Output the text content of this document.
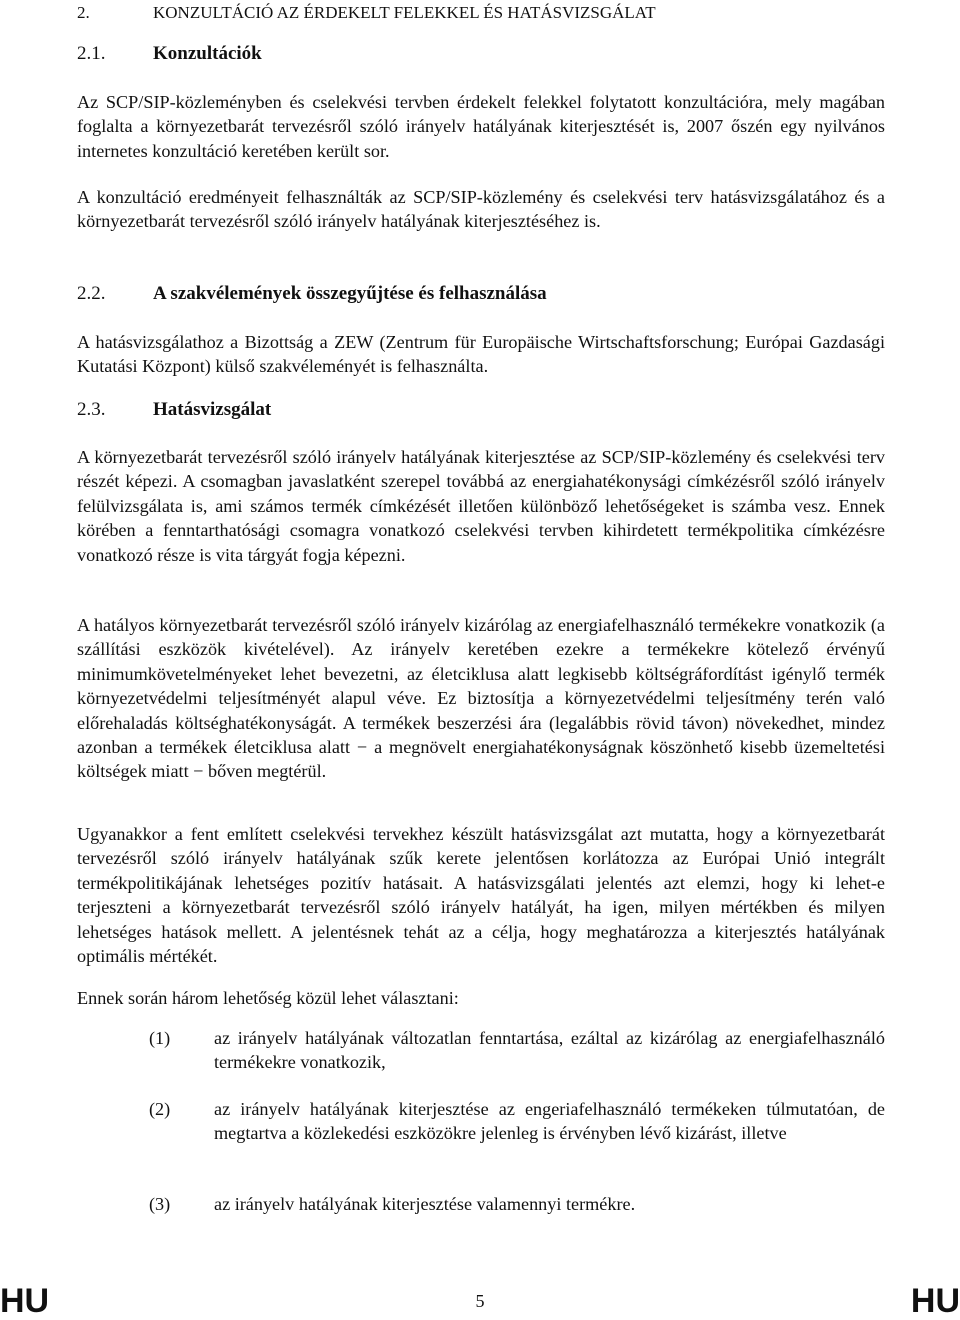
2.	KONZULTÁCIÓ AZ ÉRDEKELT FELEKKEL ÉS HATÁSVIZSGÁLAT
2.1.	Konzultációk
Az SCP/SIP-közleményben és cselekvési tervben érdekelt felekkel folytatott konzultációra, mely magában foglalta a környezetbarát tervezésről szóló irányelv hatályának kiterjesztését is, 2007 őszén egy nyilvános internetes konzultáció keretében került sor.
A konzultáció eredményeit felhasználták az SCP/SIP-közlemény és cselekvési terv hatásvizsgálatához és a környezetbarát tervezésről szóló irányelv hatályának kiterjesztéséhez is.
2.2.	A szakvélemények összegyűjtése és felhasználása
A hatásvizsgálathoz a Bizottság a ZEW (Zentrum für Europäische Wirtschaftsforschung; Európai Gazdasági Kutatási Központ) külső szakvéleményét is felhasználta.
2.3.	Hatásvizsgálat
A környezetbarát tervezésről szóló irányelv hatályának kiterjesztése az SCP/SIP-közlemény és cselekvési terv részét képezi. A csomagban javaslatként szerepel továbbá az energiahatékonysági címkézésről szóló irányelv felülvizsgálata is, ami számos termék címkézését illetően különböző lehetőségeket is számba vesz. Ennek körében a fenntarthatósági csomagra vonatkozó cselekvési tervben kihirdetett termékpolitika címkézésre vonatkozó része is vita tárgyát fogja képezni.
A hatályos környezetbarát tervezésről szóló irányelv kizárólag az energiafelhasználó termékekre vonatkozik (a szállítási eszközök kivételével). Az irányelv keretében ezekre a termékekre kötelező érvényű minimumkövetelményeket lehet bevezetni, az életciklusa alatt legkisebb költségráfordítást igénylő termék környezetvédelmi teljesítményét alapul véve. Ez biztosítja a környezetvédelmi teljesítmény terén való előrehaladás költséghatékonyságát. A termékek beszerzési ára (legalábbis rövid távon) növekedhet, mindez azonban a termékek életciklusa alatt − a megnövelt energiahatékonyságnak köszönhető kisebb üzemeltetési költségek miatt − bőven megtérül.
Ugyanakkor a fent említett cselekvési tervekhez készült hatásvizsgálat azt mutatta, hogy a környezetbarát tervezésről szóló irányelv hatályának szűk kerete jelentősen korlátozza az Európai Unió integrált termékpolitikájának lehetséges pozitív hatásait. A hatásvizsgálati jelentés azt elemzi, hogy ki lehet-e terjeszteni a környezetbarát tervezésről szóló irányelv hatályát, ha igen, milyen mértékben és milyen lehetséges hatások mellett. A jelentésnek tehát az a célja, hogy meghatározza a kiterjesztés hatályának optimális mértékét.
Ennek során három lehetőség közül lehet választani:
(1) az irányelv hatályának változatlan fenntartása, ezáltal az kizárólag az energiafelhasználó termékekre vonatkozik,
(2) az irányelv hatályának kiterjesztése az engeriafelhasználó termékeken túlmutatóan, de megtartva a közlekedési eszközökre jelenleg is érvényben lévő kizárást, illetve
(3) az irányelv hatályának kiterjesztése valamennyi termékre.
HU	5	HU
